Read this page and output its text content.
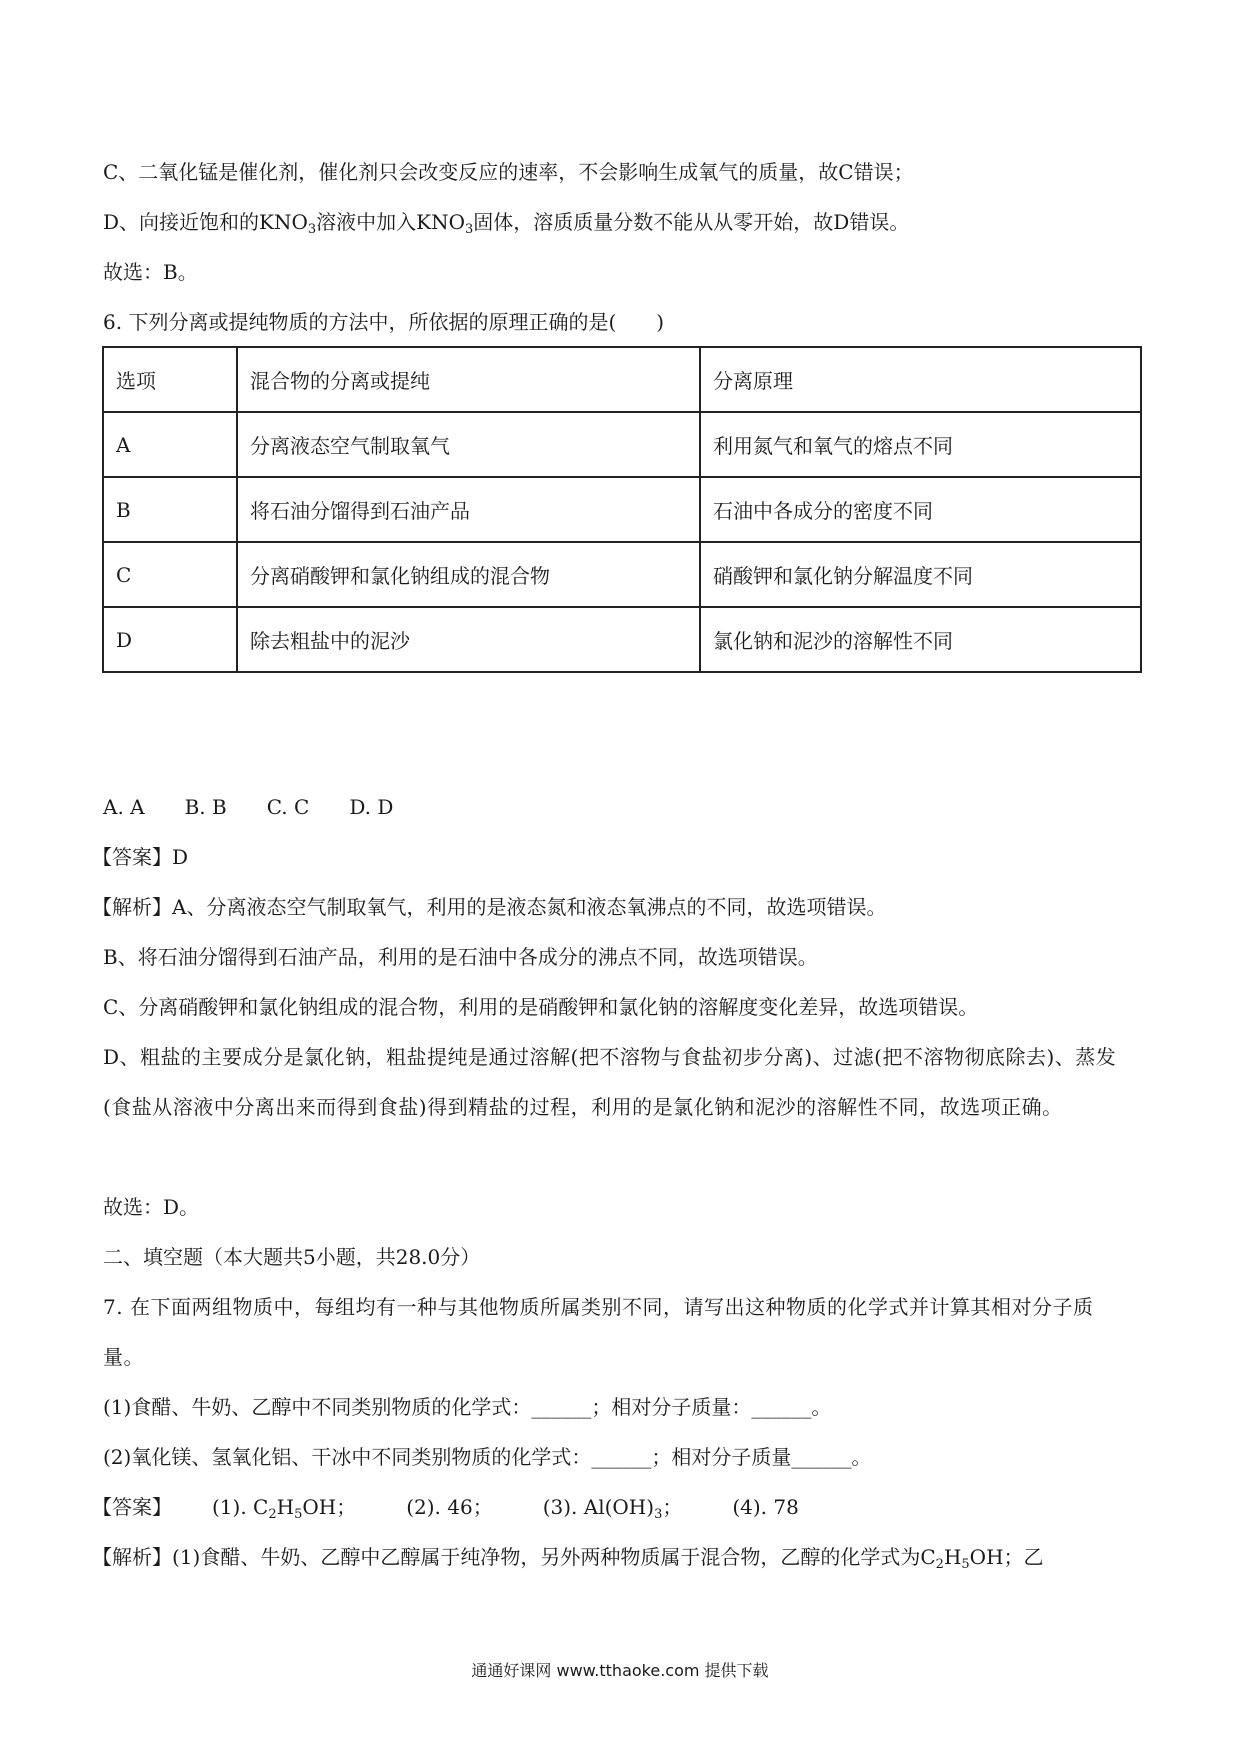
C、二氧化锰是催化剂，催化剂只会改变反应的速率，不会影响生成氧气的质量，故C错误；
D、向接近饱和的$KNO_3$溶液中加入$KNO_3$固体，溶质质量分数不能从从零开始，故D错误。
故选：B。
6. 下列分离或提纯物质的方法中，所依据的原理正确的是(　　)
选项	混合物的分离或提纯	分离原理
A	分离液态空气制取氧气	利用氮气和氧气的熔点不同
B	将石油分馏得到石油产品	石油中各成分的密度不同
C	分离硝酸钾和氯化钠组成的混合物	硝酸钾和氯化钠分解温度不同
D	除去粗盐中的泥沙	氯化钠和泥沙的溶解性不同
A. A B. B C. C D. D
【答案】D
【解析】A、分离液态空气制取氧气，利用的是液态氮和液态氧沸点的不同，故选项错误。
B、将石油分馏得到石油产品，利用的是石油中各成分的沸点不同，故选项错误。
C、分离硝酸钾和氯化钠组成的混合物，利用的是硝酸钾和氯化钠的溶解度变化差异，故选项错误。
D、粗盐的主要成分是氯化钠，粗盐提纯是通过溶解(把不溶物与食盐初步分离)、过滤(把不溶物彻底除去)、蒸发(食盐从溶液中分离出来而得到食盐)得到精盐的过程，利用的是氯化钠和泥沙的溶解性不同，故选项正确。
故选：D。
二、填空题（本大题共5小题，共28.0分）
7. 在下面两组物质中，每组均有一种与其他物质所属类别不同，请写出这种物质的化学式并计算其相对分子质量。
(1)食醋、牛奶、乙醇中不同类别物质的化学式：______；相对分子质量：______。
(2)氧化镁、氢氧化铝、干冰中不同类别物质的化学式：______；相对分子质量______。
【答案】 (1). $C_2H_5OH$；	(2). 46；	(3). $Al(OH)_3$；	(4). 78
【解析】(1)食醋、牛奶、乙醇中乙醇属于纯净物，另外两种物质属于混合物，乙醇的化学式为$C_2H_5OH$；乙
通通好课网 www.tthaoke.com 提供下载
